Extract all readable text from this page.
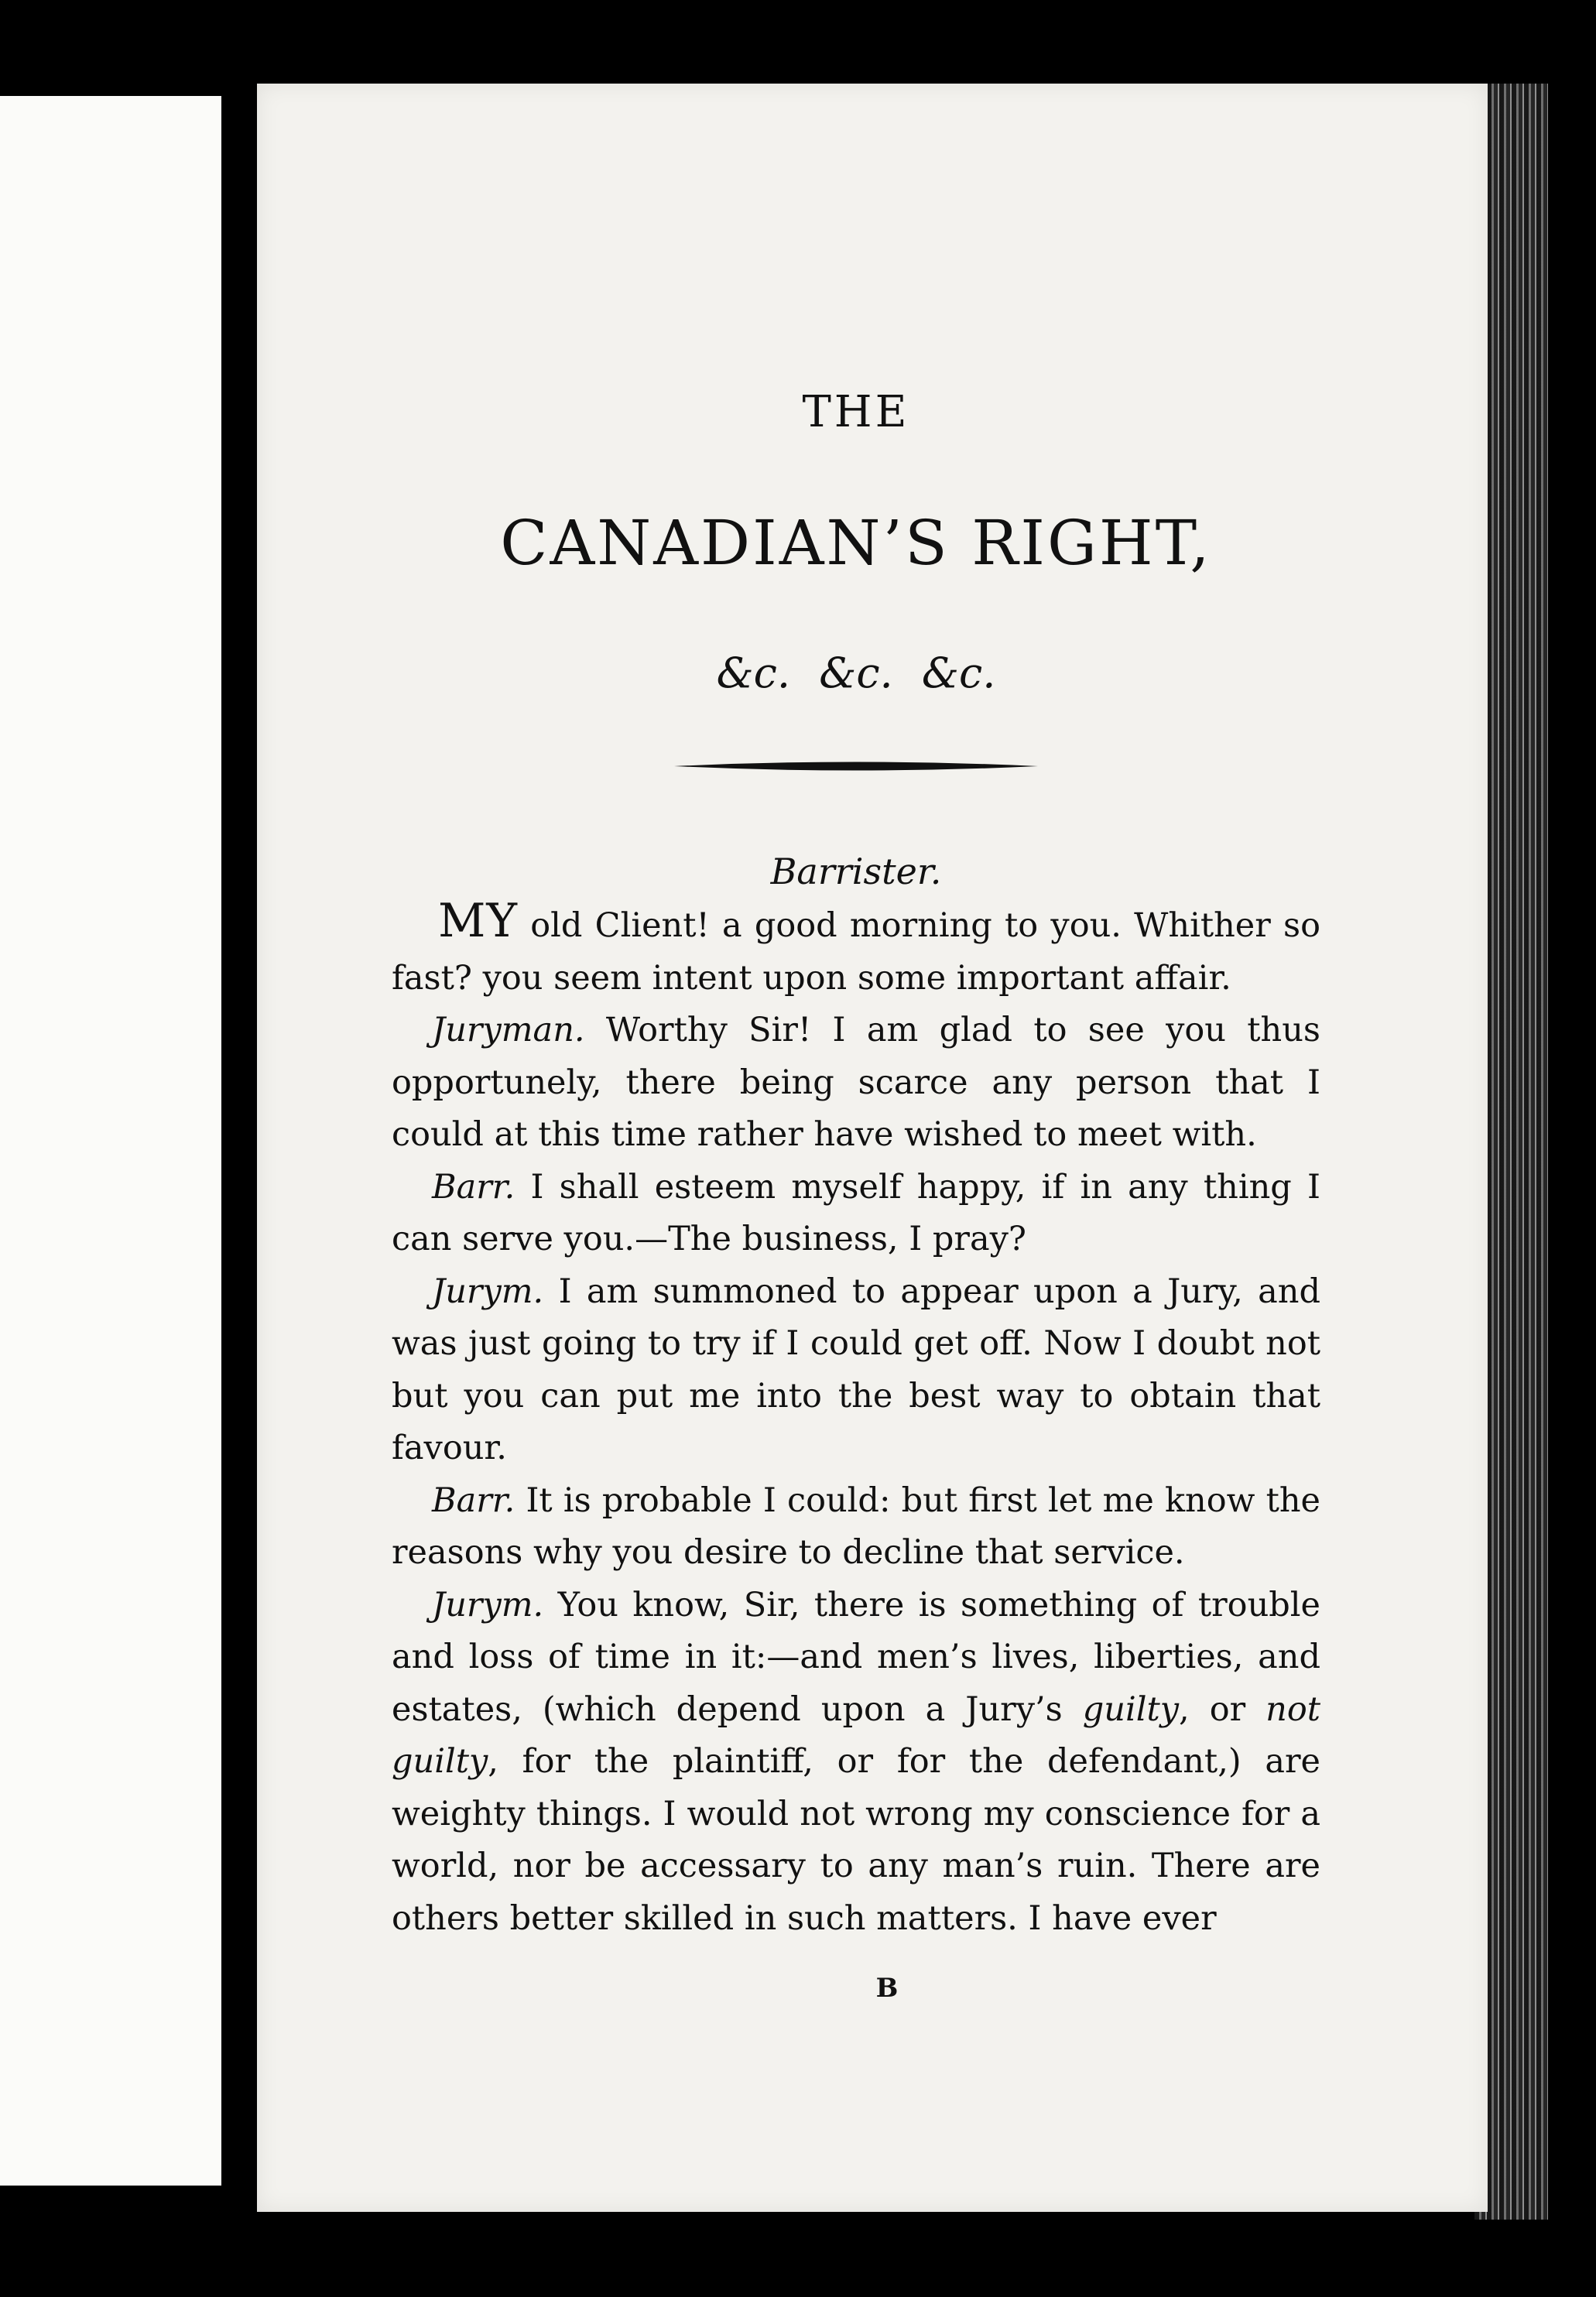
THE
CANADIAN’S RIGHT,
&c. &c. &c.
Barrister.

MY old Client! a good morning to you. Whither so fast? you seem intent upon some important affair.

Juryman. Worthy Sir! I am glad to see you thus opportunely, there being scarce any person that I could at this time rather have wished to meet with.

Barr. I shall esteem myself happy, if in any thing I can serve you.—The business, I pray?

Jurym. I am summoned to appear upon a Jury, and was just going to try if I could get off. Now I doubt not but you can put me into the best way to obtain that favour.

Barr. It is probable I could: but first let me know the reasons why you desire to decline that service.

Jurym. You know, Sir, there is something of trouble and loss of time in it:—and men’s lives, liberties, and estates, (which depend upon a Jury’s guilty, or not guilty, for the plaintiff, or for the defendant,) are weighty things. I would not wrong my conscience for a world, nor be accessary to any man’s ruin. There are others better skilled in such matters. I have ever

B
